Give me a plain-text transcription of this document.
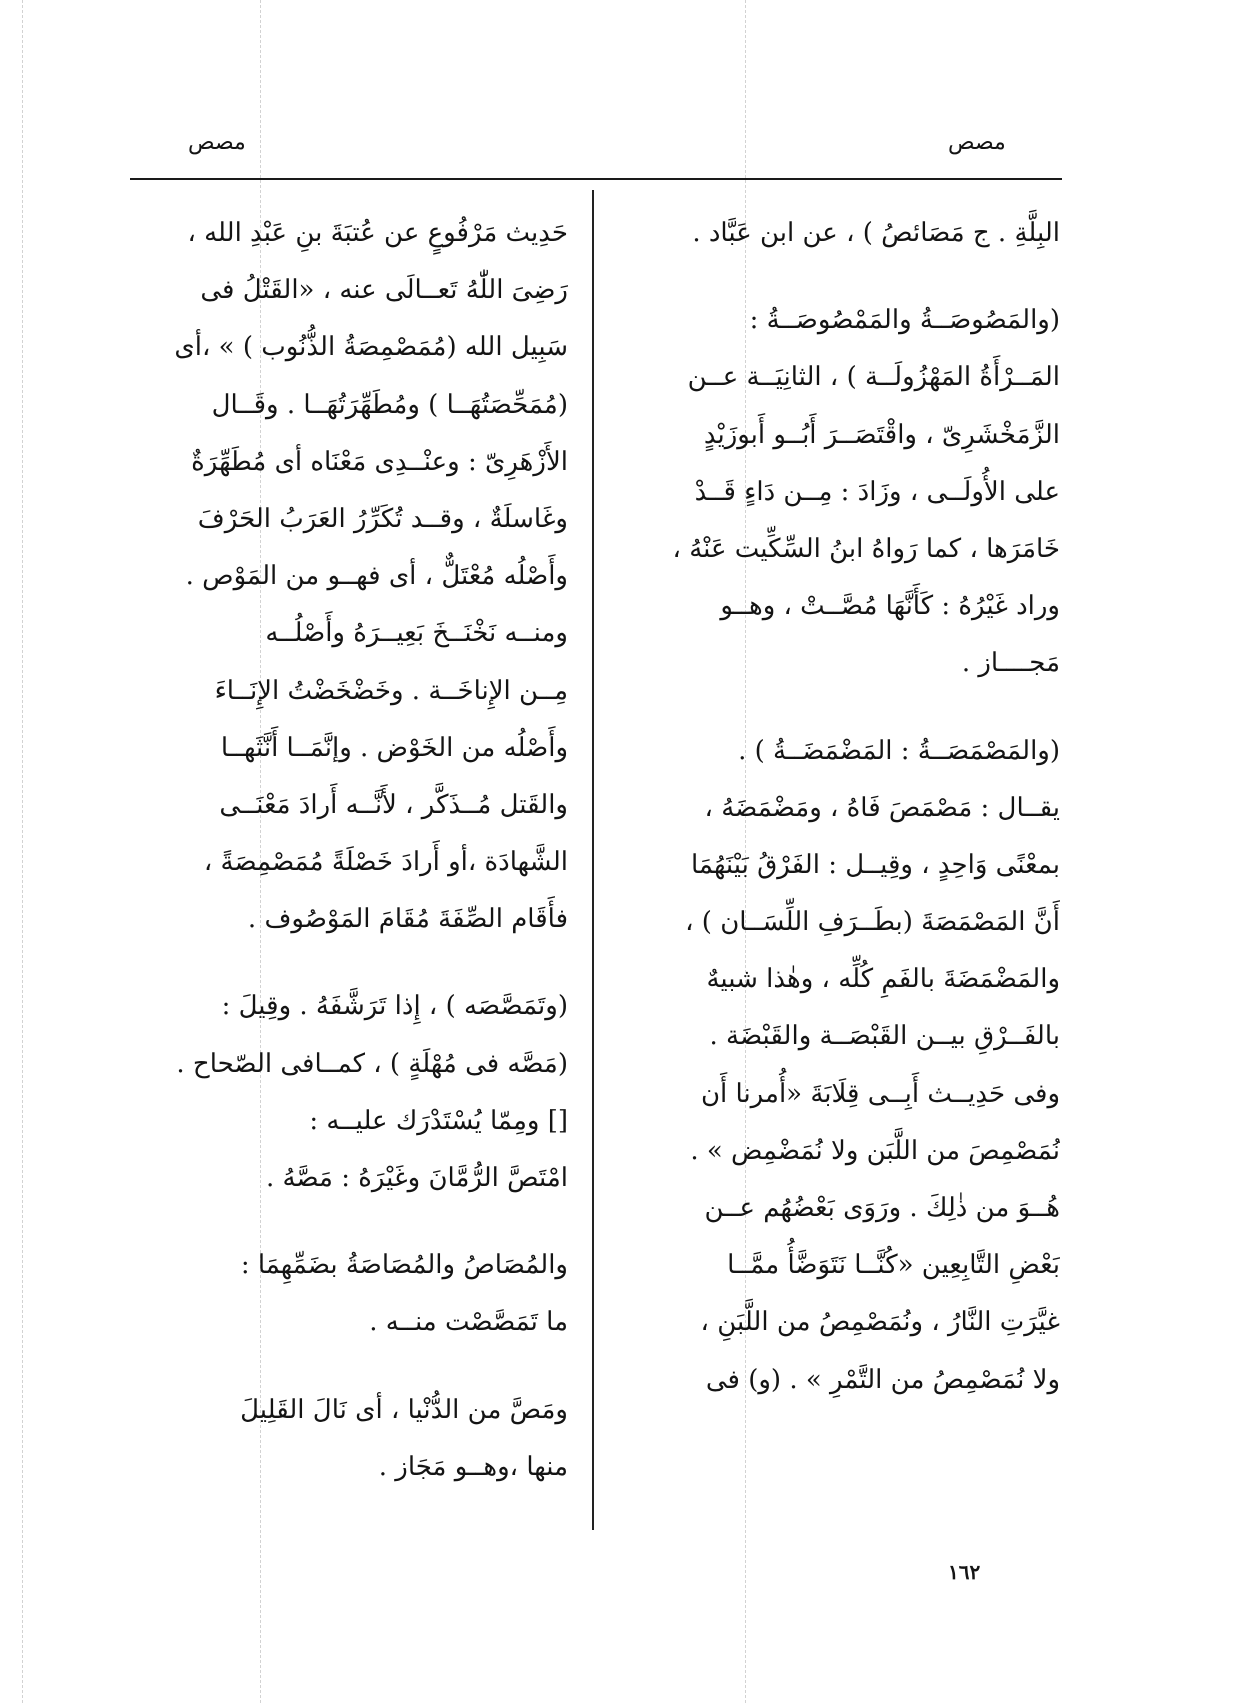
مصص
مصص
البِلَّةِ . ج مَصَائصُ ) ، عن ابن عَبَّاد .
(والمَصُوصَــةُ والمَمْصُوصَــةُ :
المَــرْأَةُ المَهْزُولَــة ) ، الثانِيَــة عــن
الزَّمَخْشَرِىّ ، واقْتَصَــرَ أَبُــو أَبوزَيْدٍ
على الأُولَــى ، وزَادَ : مِــن دَاءٍ قَــدْ
خَامَرَها ، كما رَواهُ ابنُ السِّكِّيت عَنْهُ ،
وراد غَيْرُهُ : كَأَنَّهَا مُصَّــتْ ، وهــو
مَجــــاز .
(والمَصْمَصَــةُ : المَضْمَضَــةُ ) .
يقــال : مَصْمَصَ فَاهُ ، ومَضْمَضَهُ ،
بمعْنًى وَاحِدٍ ، وقِيــل : الفَرْقُ بَيْنَهُمَا
أَنَّ المَصْمَصَةَ (بطَــرَفِ اللِّسَــان ) ،
والمَضْمَضَةَ بالفَمِ كُلِّه ، وهٰذا شبيهٌ
بالفَــرْقِ بيــن القَبْصَــة والقَبْضَة .
وفى حَدِيــث أَبِــى قِلَابَةَ «أُمرنا أَن
نُمَصْمِصَ من اللَّبَن ولا نُمَضْمِض » .
هُــوَ من ذٰلِكَ . ورَوَى بَعْضُهُم عــن
بَعْضِ التَّابِعِين «كُنَّــا نَتَوَضَّأُ ممَّــا
غيَّرَتِ النَّارُ ، ونُمَصْمِصُ من اللَّبَنِ ،
ولا نُمَصْمِصُ من التَّمْرِ » . (و) فى
حَدِيث مَرْفُوعٍ عن عُتبَةَ بنِ عَبْدِ الله ،
رَضِىَ اللّٰهُ تَعــالَى عنه ، «القَتْلُ فى
سَبِيل الله (مُمَصْمِصَةُ الذُّنُوب ) » ،أى
(مُمَحِّصَتُهَــا ) ومُطَهِّرَتُهَــا . وقَــال
الأَزْهَرِىّ : وعنْــدِى مَعْنَاه أى مُطَهِّرَةٌ
وغَاسلَةٌ ، وقــد تُكَرِّرُ العَرَبُ الحَرْفَ
وأَصْلُه مُعْتَلٌّ ، أى فهــو من المَوْص .
ومنــه نَخْنَــخَ بَعِيــرَهُ وأَصْلُــه
مِــن الإِناخَــة . وخَضْخَضْتُ الإِنَــاءَ
وأَصْلُه من الخَوْض . وإنَّمَــا أَنَّثَهــا
والقَتل مُــذَكَّر ، لأَنَّــه أَرادَ مَعْنَــى
الشَّهادَة ،أو أَرادَ خَصْلَةً مُمَصْمِصَةً ،
فأَقَام الصِّفَةَ مُقَامَ المَوْصُوف .
(وتَمَصَّصَه ) ، إِذا تَرَشَّفَهُ . وقِيلَ :
(مَصَّه فى مُهْلَةٍ ) ، كمــافى الصّحاح .
[] ومِمّا يُسْتَدْرَك عليــه :
امْتَصَّ الرُّمَّانَ وغَيْرَهُ : مَصَّهُ .
والمُصَاصُ والمُصَاصَةُ بضَمِّهِمَا :
ما تَمَصَّصْت منــه .
ومَصَّ من الدُّنْيا ، أى نَالَ القَلِيلَ
منها ،وهــو مَجَاز .
١٦٢
